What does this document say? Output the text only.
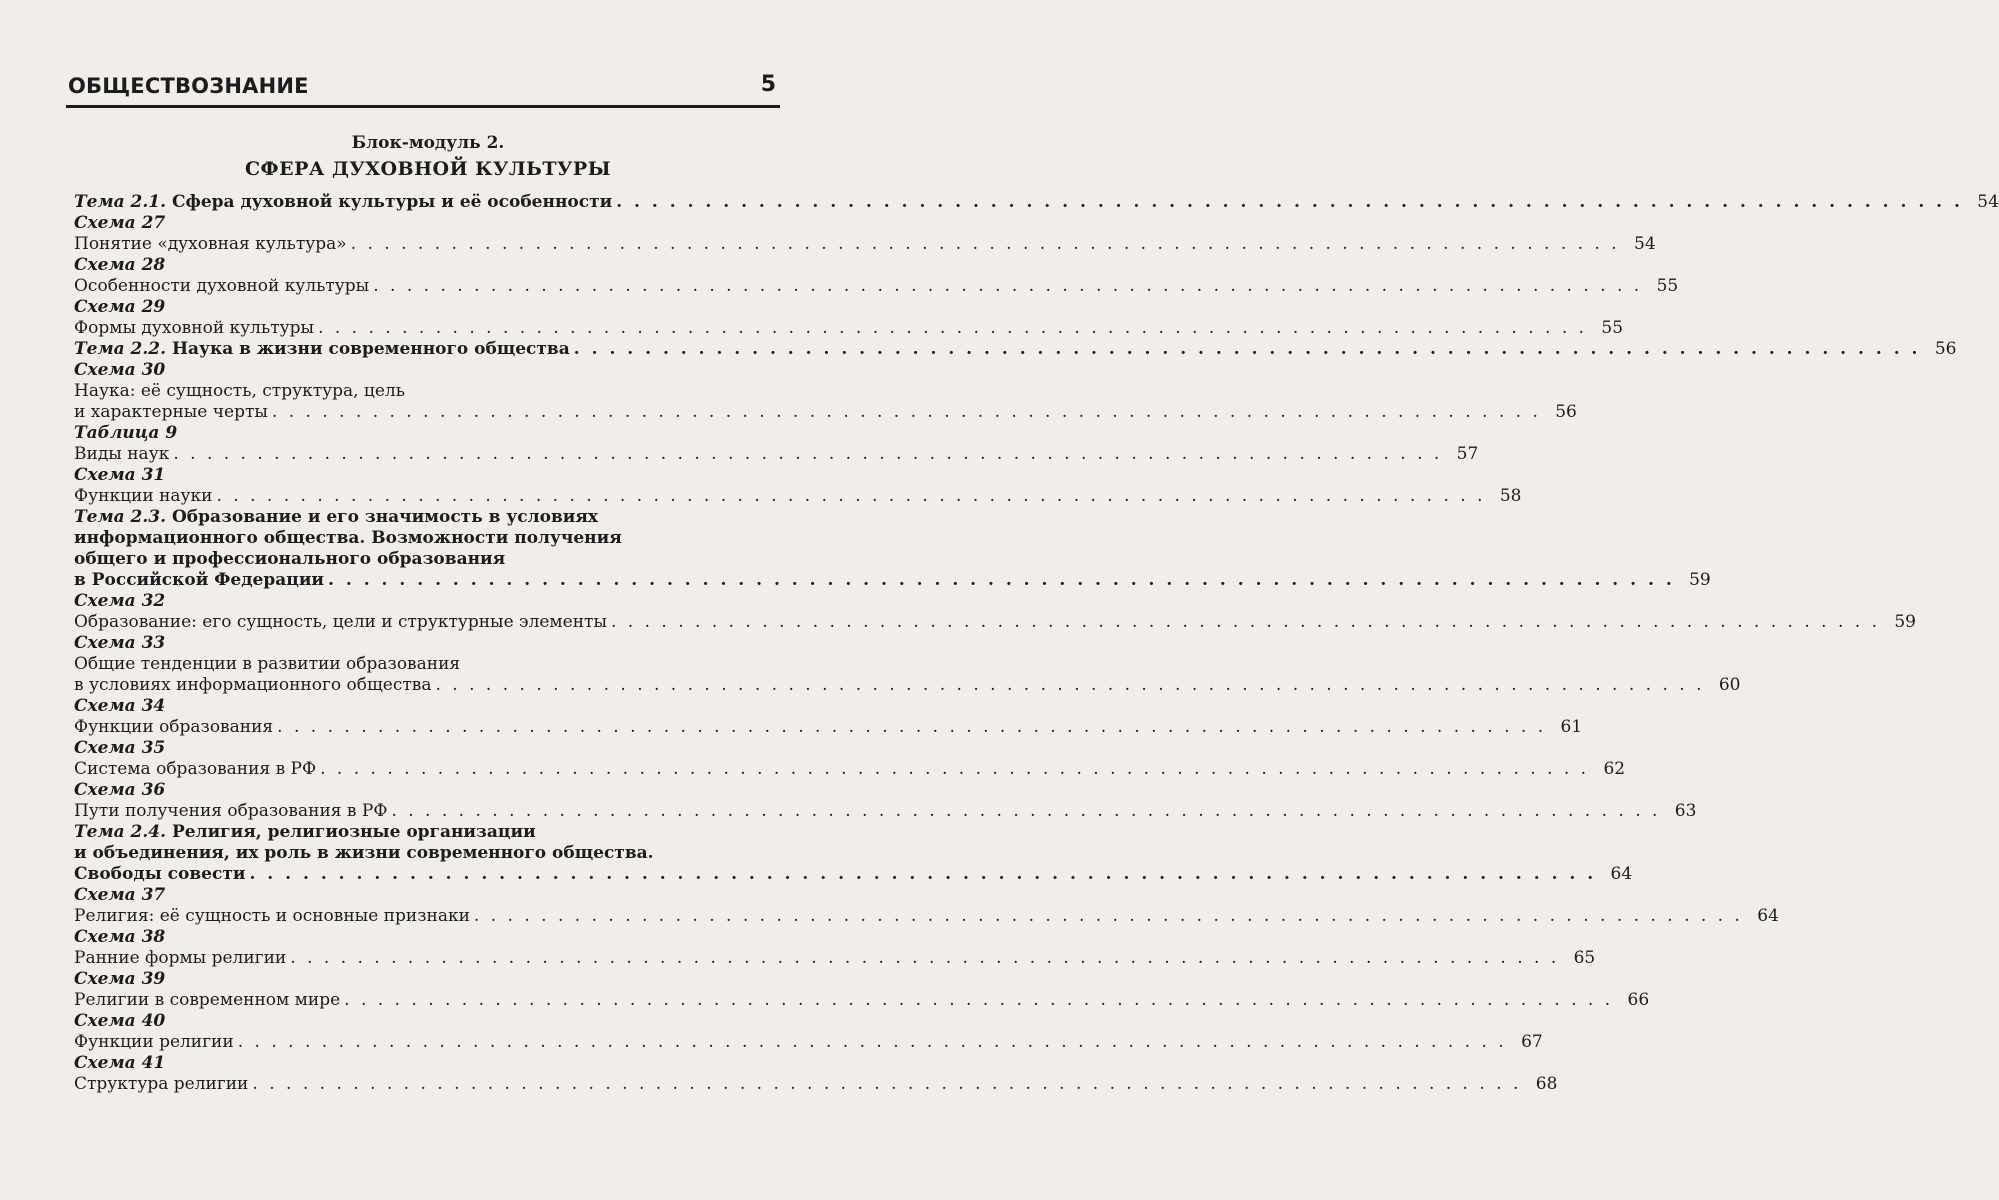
ОБЩЕСТВОЗНАНИЕ	5
Блок-модуль 2.
СФЕРА ДУХОВНОЙ КУЛЬТУРЫ
Тема 2.1. Сфера духовной культуры и её особенности . . . . . . . . . . . . . . . . . . . . . . . . . . . . . . . . . . . . . . . . . . . . . . . . . . . . . . . . . . . . . . . . . . . . . . . . . . . . 54
Схема 27
Понятие «духовная культура» . . . . . . . . . . . . . . . . . . . . . . . . . . . . . . . . . . . . . . . . . . . . . . . . . . . . . . . . . . . . . . . . . . . . . . . . . . . . 54
Схема 28
Особенности духовной культуры . . . . . . . . . . . . . . . . . . . . . . . . . . . . . . . . . . . . . . . . . . . . . . . . . . . . . . . . . . . . . . . . . . . . . . . . . . . . 55
Схема 29
Формы духовной культуры . . . . . . . . . . . . . . . . . . . . . . . . . . . . . . . . . . . . . . . . . . . . . . . . . . . . . . . . . . . . . . . . . . . . . . . . . . . . 55
Тема 2.2. Наука в жизни современного общества . . . . . . . . . . . . . . . . . . . . . . . . . . . . . . . . . . . . . . . . . . . . . . . . . . . . . . . . . . . . . . . . . . . . . . . . . . . . 56
Схема 30
Наука: её сущность, структура, цель
и характерные черты . . . . . . . . . . . . . . . . . . . . . . . . . . . . . . . . . . . . . . . . . . . . . . . . . . . . . . . . . . . . . . . . . . . . . . . . . . . . 56
Таблица 9
Виды наук . . . . . . . . . . . . . . . . . . . . . . . . . . . . . . . . . . . . . . . . . . . . . . . . . . . . . . . . . . . . . . . . . . . . . . . . . . . . 57
Схема 31
Функции науки . . . . . . . . . . . . . . . . . . . . . . . . . . . . . . . . . . . . . . . . . . . . . . . . . . . . . . . . . . . . . . . . . . . . . . . . . . . . 58
Тема 2.3. Образование и его значимость в условиях
информационного общества. Возможности получения
общего и профессионального образования
в Российской Федерации . . . . . . . . . . . . . . . . . . . . . . . . . . . . . . . . . . . . . . . . . . . . . . . . . . . . . . . . . . . . . . . . . . . . . . . . . . . . 59
Схема 32
Образование: его сущность, цели и структурные элементы . . . . . . . . . . . . . . . . . . . . . . . . . . . . . . . . . . . . . . . . . . . . . . . . . . . . . . . . . . . . . . . . . . . . . . . . . . . . 59
Схема 33
Общие тенденции в развитии образования
в условиях информационного общества . . . . . . . . . . . . . . . . . . . . . . . . . . . . . . . . . . . . . . . . . . . . . . . . . . . . . . . . . . . . . . . . . . . . . . . . . . . . 60
Схема 34
Функции образования . . . . . . . . . . . . . . . . . . . . . . . . . . . . . . . . . . . . . . . . . . . . . . . . . . . . . . . . . . . . . . . . . . . . . . . . . . . . 61
Схема 35
Система образования в РФ . . . . . . . . . . . . . . . . . . . . . . . . . . . . . . . . . . . . . . . . . . . . . . . . . . . . . . . . . . . . . . . . . . . . . . . . . . . . 62
Схема 36
Пути получения образования в РФ . . . . . . . . . . . . . . . . . . . . . . . . . . . . . . . . . . . . . . . . . . . . . . . . . . . . . . . . . . . . . . . . . . . . . . . . . . . . 63
Тема 2.4. Религия, религиозные организации
и объединения, их роль в жизни современного общества.
Свободы совести . . . . . . . . . . . . . . . . . . . . . . . . . . . . . . . . . . . . . . . . . . . . . . . . . . . . . . . . . . . . . . . . . . . . . . . . . . . . 64
Схема 37
Религия: её сущность и основные признаки . . . . . . . . . . . . . . . . . . . . . . . . . . . . . . . . . . . . . . . . . . . . . . . . . . . . . . . . . . . . . . . . . . . . . . . . . . . . 64
Схема 38
Ранние формы религии . . . . . . . . . . . . . . . . . . . . . . . . . . . . . . . . . . . . . . . . . . . . . . . . . . . . . . . . . . . . . . . . . . . . . . . . . . . . 65
Схема 39
Религии в современном мире . . . . . . . . . . . . . . . . . . . . . . . . . . . . . . . . . . . . . . . . . . . . . . . . . . . . . . . . . . . . . . . . . . . . . . . . . . . . 66
Схема 40
Функции религии . . . . . . . . . . . . . . . . . . . . . . . . . . . . . . . . . . . . . . . . . . . . . . . . . . . . . . . . . . . . . . . . . . . . . . . . . . . . 67
Схема 41
Структура религии . . . . . . . . . . . . . . . . . . . . . . . . . . . . . . . . . . . . . . . . . . . . . . . . . . . . . . . . . . . . . . . . . . . . . . . . . . . . 68
